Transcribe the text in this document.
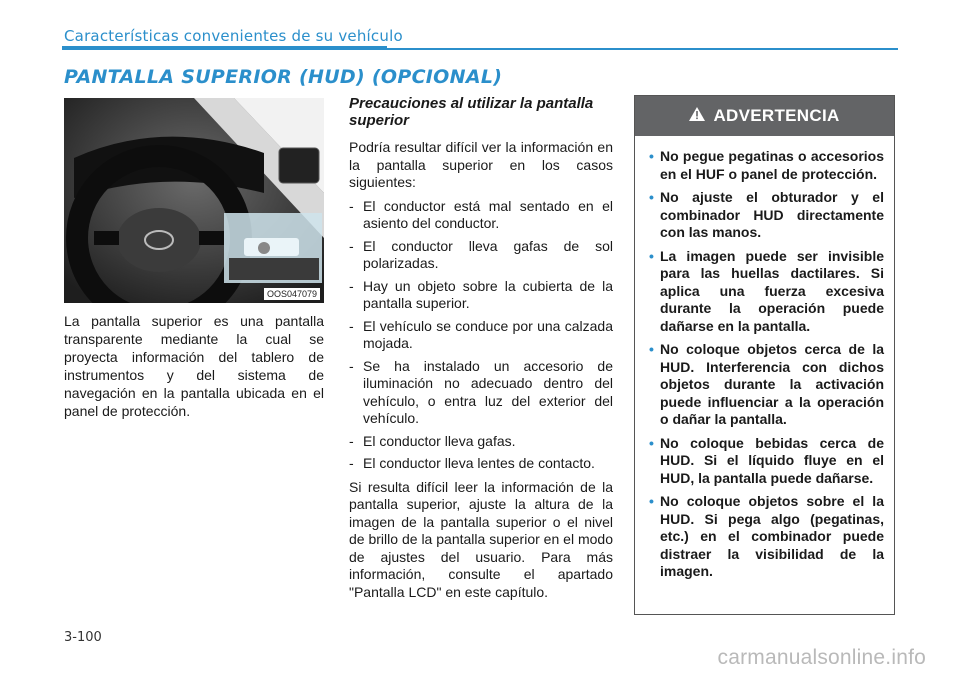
Características convenientes de su vehículo
PANTALLA SUPERIOR (HUD) (OPCIONAL)
OOS047079
La pantalla superior es una pantalla transparente mediante la cual se proyecta información del tablero de instrumentos y del sistema de navegación en la pantalla ubicada en el panel de protección.
Precauciones al utilizar la pantalla superior

Podría resultar difícil ver la información en la pantalla superior en los casos siguientes:

- El conductor está mal sentado en el asiento del conductor.
- El conductor lleva gafas de sol polarizadas.
- Hay un objeto sobre la cubierta de la pantalla superior.
- El vehículo se conduce por una calzada mojada.
- Se ha instalado un accesorio de iluminación no adecuado dentro del vehículo, o entra luz del exterior del vehículo.
- El conductor lleva gafas.
- El conductor lleva lentes de contacto.

Si resulta difícil leer la información de la pantalla superior, ajuste la altura de la imagen de la pantalla superior o el nivel de brillo de la pantalla superior en el modo de ajustes del usuario. Para más información, consulte el apartado "Pantalla LCD" en este capítulo.

ADVERTENCIA
• No pegue pegatinas o accesorios en el HUF o panel de protección.
• No ajuste el obturador y el combinador HUD directamente con las manos.
• La imagen puede ser invisible para las huellas dactilares. Si aplica una fuerza excesiva durante la operación puede dañarse en la pantalla.
• No coloque objetos cerca de la HUD. Interferencia con dichos objetos durante la activación puede influenciar a la operación o dañar la pantalla.
• No coloque bebidas cerca de HUD. Si el líquido fluye en el HUD, la pantalla puede dañarse.
• No coloque objetos sobre el la HUD. Si pega algo (pegatinas, etc.) en el combinador puede distraer la visibilidad de la imagen.
3-100
carmanualsonline.info
